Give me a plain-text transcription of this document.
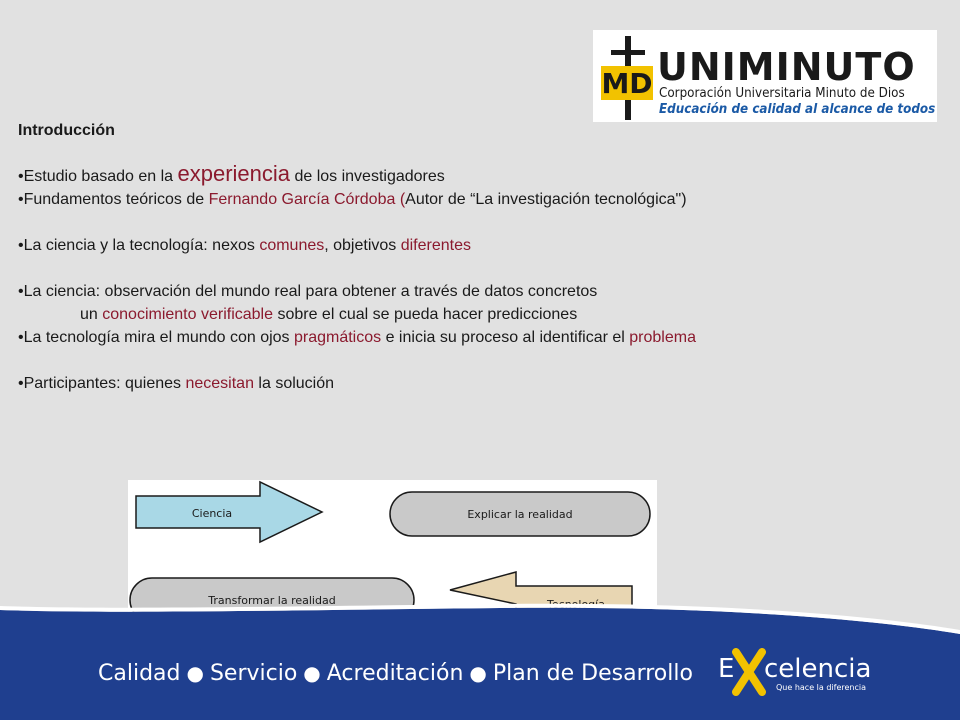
MD UNIMINUTO
Corporación Universitaria Minuto de Dios
Educación de calidad al alcance de todos
Introducción
•Estudio basado en la experiencia de los investigadores
•Fundamentos teóricos de Fernando García Córdoba (Autor de “La investigación tecnológica")
•La ciencia y la tecnología: nexos comunes, objetivos diferentes
•La ciencia: observación del mundo real para obtener a través de datos concretos
un conocimiento verificable sobre el cual se pueda hacer predicciones
•La tecnología mira el mundo con ojos pragmáticos e inicia su proceso al identificar el problema
•Participantes: quienes necesitan la solución
Ciencia	Explicar la realidad
Transformar la realidad
Calidad ● Servicio ● Acreditación ● Plan de Desarrollo E celencia
Que hace la diferencia
